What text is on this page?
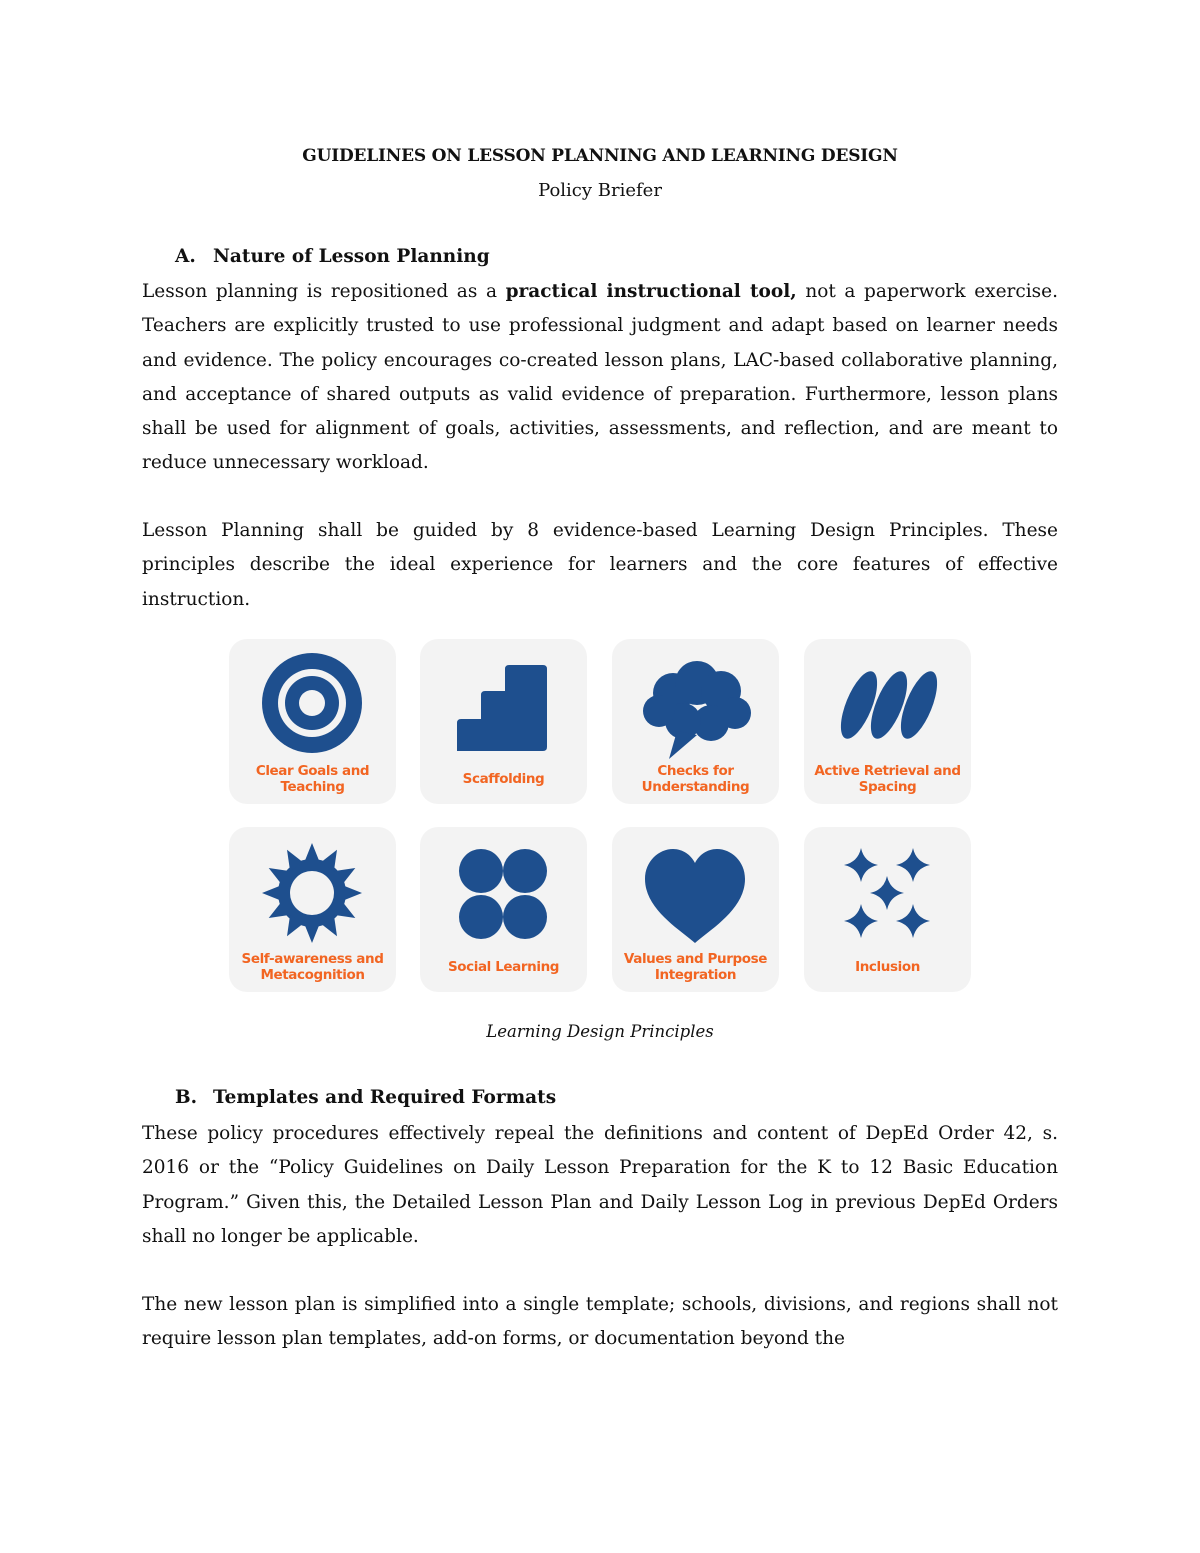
GUIDELINES ON LESSON PLANNING AND LEARNING DESIGN
Policy Briefer
A. Nature of Lesson Planning

Lesson planning is repositioned as a practical instructional tool, not a paperwork exercise. Teachers are explicitly trusted to use professional judgment and adapt based on learner needs and evidence. The policy encourages co-created lesson plans, LAC-based collaborative planning, and acceptance of shared outputs as valid evidence of preparation. Furthermore, lesson plans shall be used for alignment of goals, activities, assessments, and reflection, and are meant to reduce unnecessary workload.

Lesson Planning shall be guided by 8 evidence-based Learning Design Principles. These principles describe the ideal experience for learners and the core features of effective instruction.

Clear Goals and Teaching	Scaffolding	Checks for Understanding
Active Retrieval and Spacing
Self-awareness and Metacognition	Social Learning	Values and Purpose Integration	Inclusion
Learning Design Principles
B. Templates and Required Formats

These policy procedures effectively repeal the definitions and content of DepEd Order 42, s. 2016 or the “Policy Guidelines on Daily Lesson Preparation for the K to 12 Basic Education Program.” Given this, the Detailed Lesson Plan and Daily Lesson Log in previous DepEd Orders shall no longer be applicable.

The new lesson plan is simplified into a single template; schools, divisions, and regions shall not require lesson plan templates, add-on forms, or documentation beyond the
